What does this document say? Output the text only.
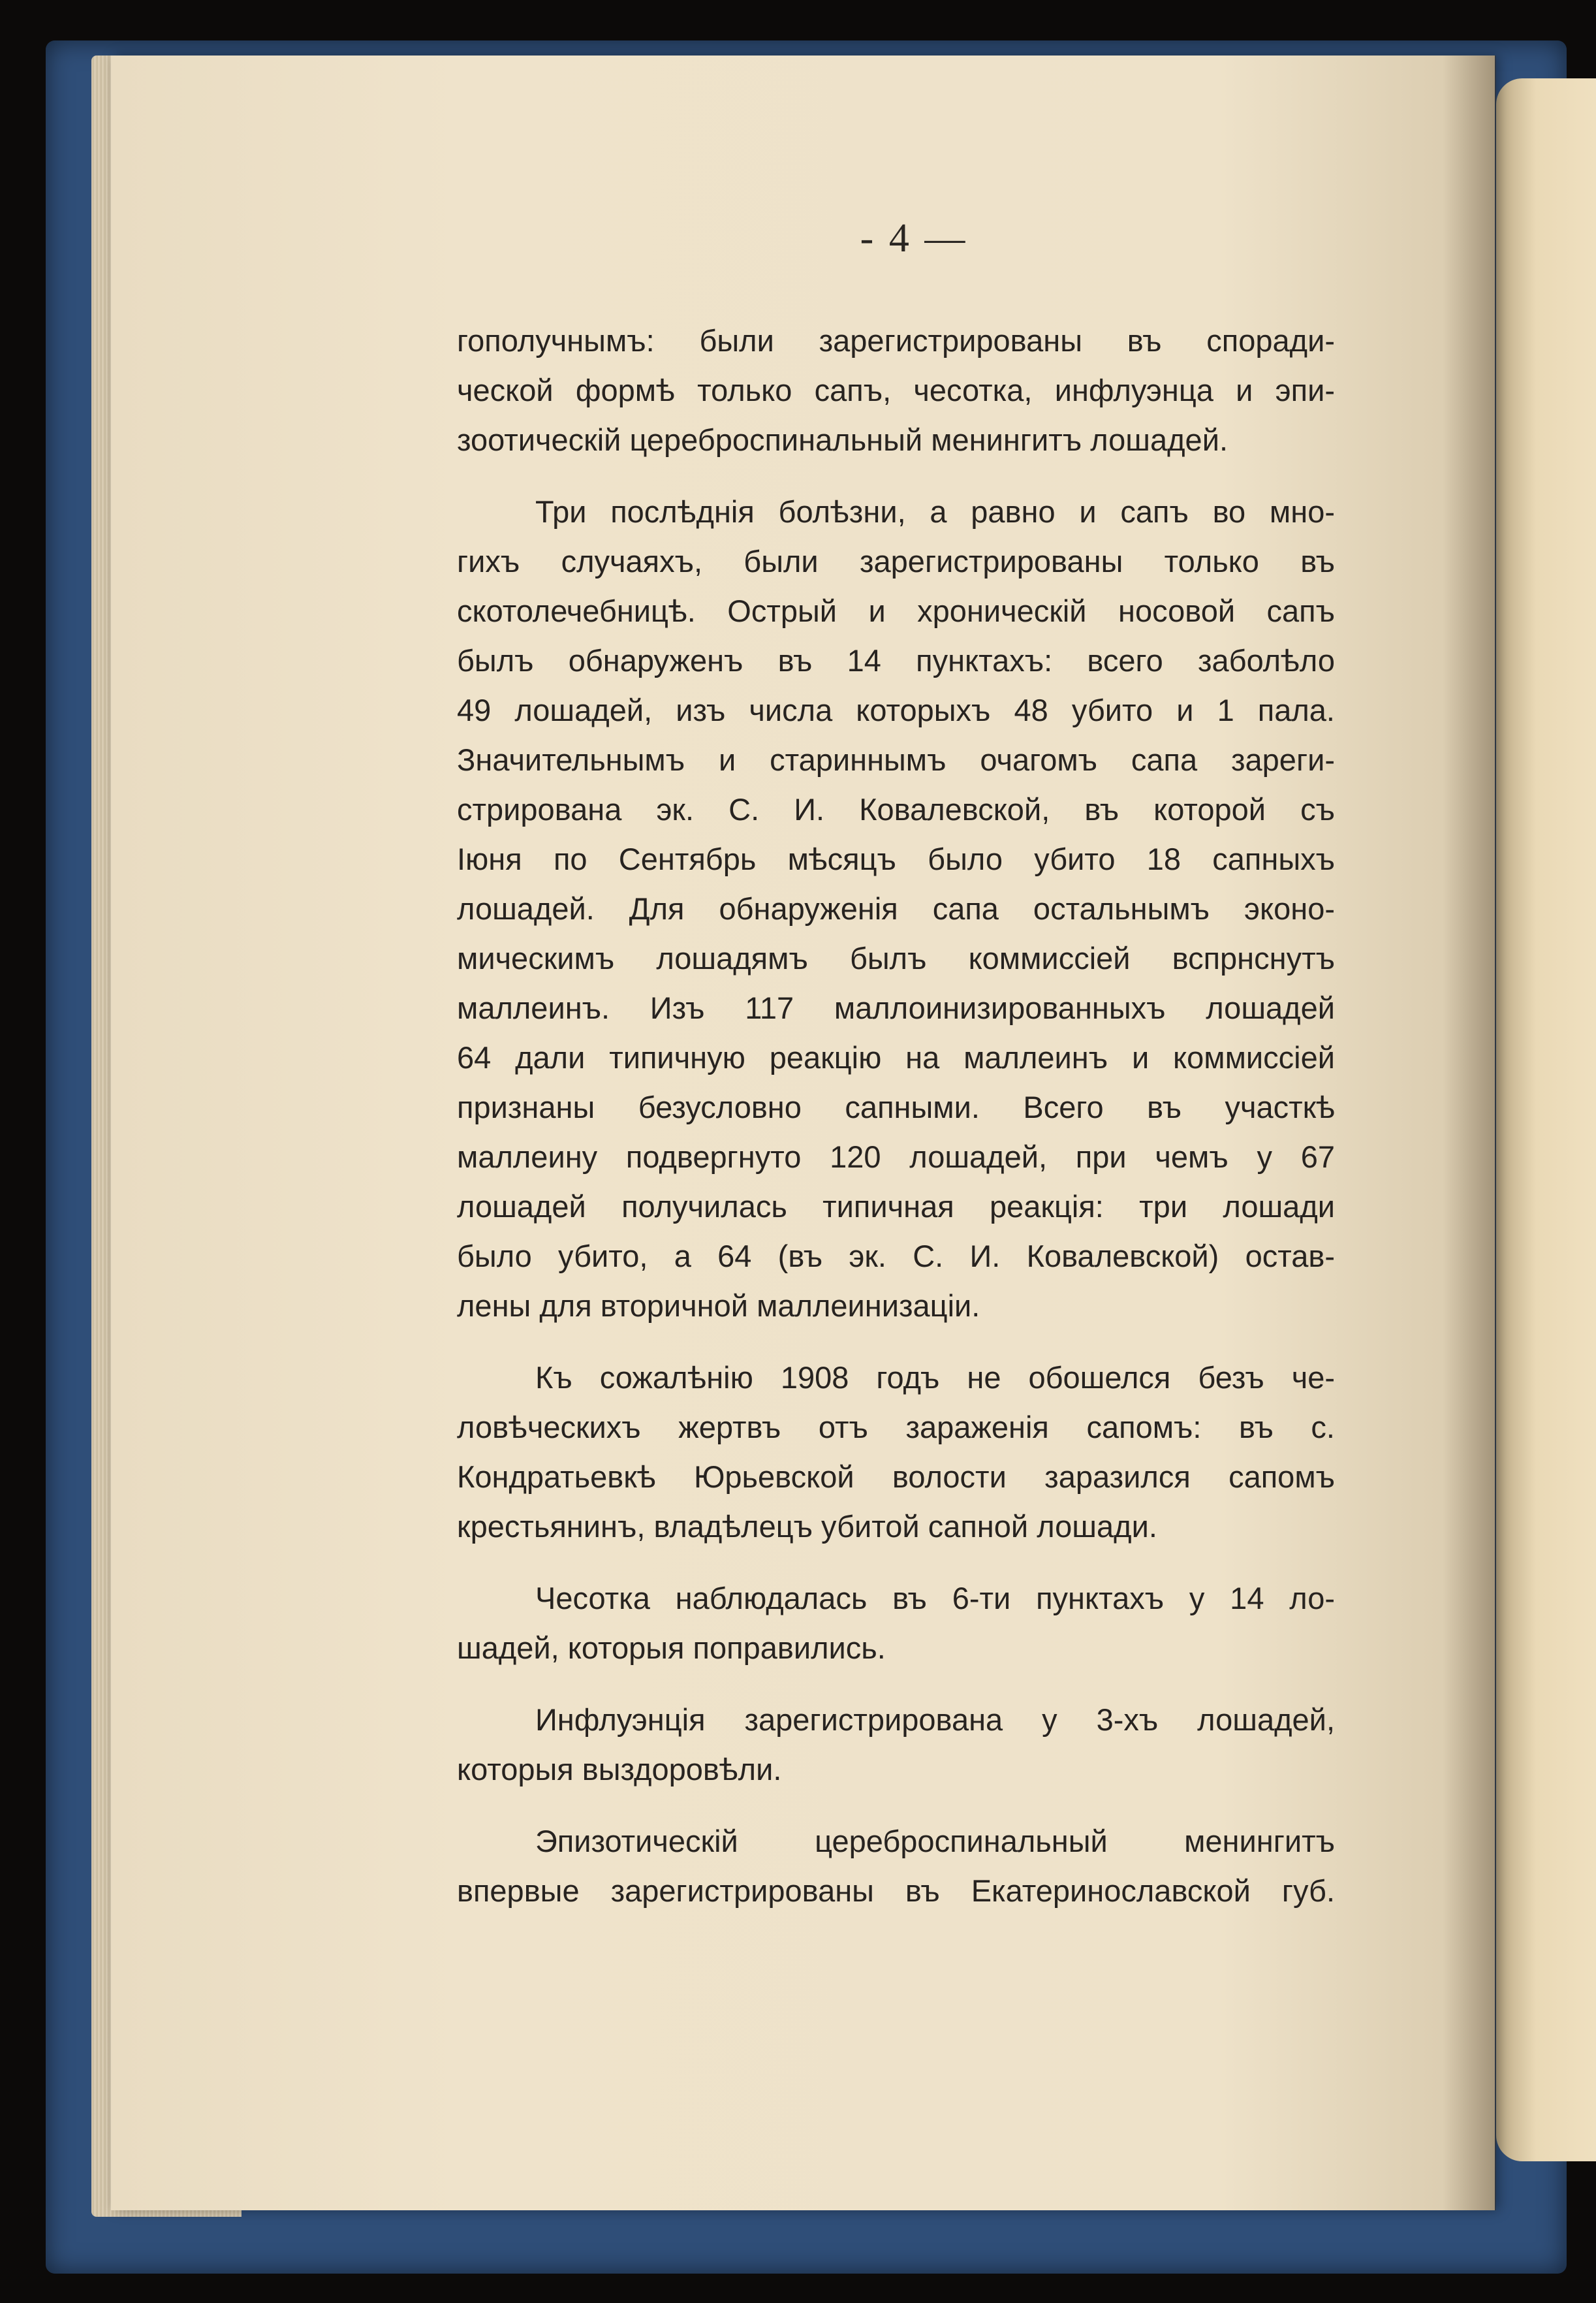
- 4 —
гополучнымъ: были зарегистрированы въ споради-
ческой формѣ только сапъ, чесотка, инфлуэнца и эпи-
зоотическій цереброспинальный менингитъ лошадей.
Три послѣднія болѣзни, а равно и сапъ во мно-
гихъ случаяхъ, были зарегистрированы только въ
скотолечебницѣ. Острый и хроническій носовой сапъ
былъ обнаруженъ въ 14 пунктахъ: всего заболѣло
49 лошадей, изъ числа которыхъ 48 убито и 1 пала.
Значительнымъ и стариннымъ очагомъ сапа зареги-
стрирована эк. С. И. Ковалевской, въ которой съ
Іюня по Сентябрь мѣсяцъ было убито 18 сапныхъ
лошадей. Для обнаруженія сапа остальнымъ эконо-
мическимъ лошадямъ былъ коммиссіей вспрнснутъ
маллеинъ. Изъ 117 маллоинизированныхъ лошадей
64 дали типичную реакцію на маллеинъ и коммиссіей
признаны безусловно сапными. Всего въ участкѣ
маллеину подвергнуто 120 лошадей, при чемъ у 67
лошадей получилась типичная реакція: три лошади
было убито, а 64 (въ эк. С. И. Ковалевской) остав-
лены для вторичной маллеинизаціи.
Къ сожалѣнію 1908 годъ не обошелся безъ че-
ловѣческихъ жертвъ отъ зараженія сапомъ: въ с.
Кондратьевкѣ Юрьевской волости заразился сапомъ
крестьянинъ, владѣлецъ убитой сапной лошади.
Чесотка наблюдалась въ 6-ти пунктахъ у 14 ло-
шадей, которыя поправились.
Инфлуэнція зарегистрирована у 3-хъ лошадей,
которыя выздоровѣли.
Эпизотическій цереброспинальный менингитъ
впервые зарегистрированы въ Екатеринославской губ.
